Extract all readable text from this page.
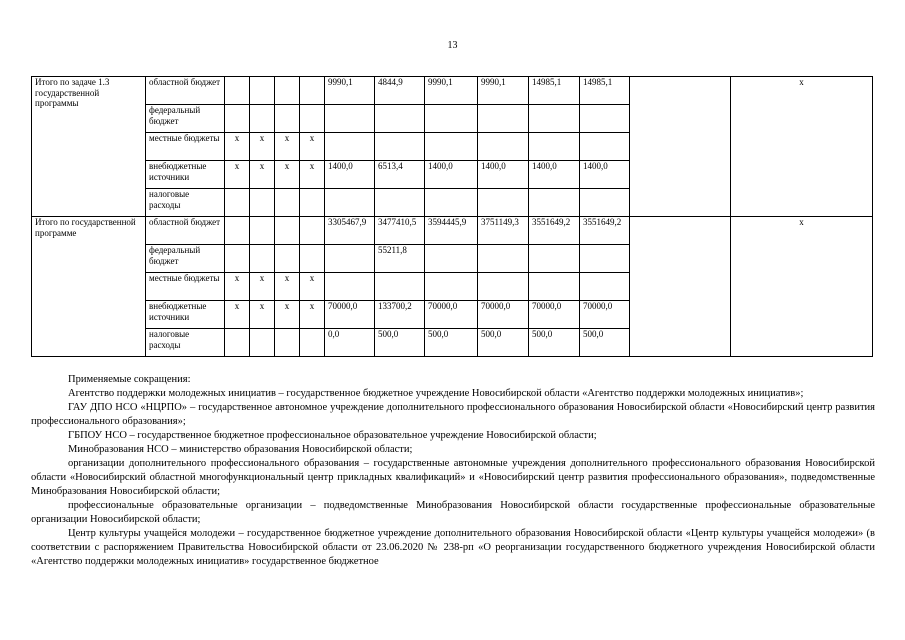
13
Итого по задаче 1.3 государственной программы	областной бюджет					9990,1	4844,9	9990,1	9990,1	14985,1	14985,1		х
	федеральный бюджет												
	местные бюджеты	х	х	х	х								
	внебюджетные источники	х	х	х	х	1400,0	6513,4	1400,0	1400,0	1400,0	1400,0		
	налоговые расходы												
Итого по государственной программе	областной бюджет					3305467,9	3477410,5	3594445,9	3751149,3	3551649,2	3551649,2		х
	федеральный бюджет						55211,8						
	местные бюджеты	х	х	х	х								
	внебюджетные источники	х	х	х	х	70000,0	133700,2	70000,0	70000,0	70000,0	70000,0		
	налоговые расходы					0,0	500,0	500,0	500,0	500,0	500,0		

Применяемые сокращения:

Агентство поддержки молодежных инициатив – государственное бюджетное учреждение Новосибирской области «Агентство поддержки молодежных инициатив»;

ГАУ ДПО НСО «НЦРПО» – государственное автономное учреждение дополнительного профессионального образования Новосибирской области «Новосибирский центр развития профессионального образования»;

ГБПОУ НСО – государственное бюджетное профессиональное образовательное учреждение Новосибирской области;

Минобразования НСО – министерство образования Новосибирской области;

организации дополнительного профессионального образования – государственные автономные учреждения дополнительного профессионального образования Новосибирской области «Новосибирский областной многофункциональный центр прикладных квалификаций» и «Новосибирский центр развития профессионального образования», подведомственные Минобразования Новосибирской области;

профессиональные образовательные организации – подведомственные Минобразования Новосибирской области государственные профессиональные образовательные организации Новосибирской области;

Центр культуры учащейся молодежи – государственное бюджетное учреждение дополнительного образования Новосибирской области «Центр культуры учащейся молодежи» (в соответствии с распоряжением Правительства Новосибирской области от 23.06.2020 № 238-рп «О реорганизации государственного бюджетного учреждения Новосибирской области «Агентство поддержки молодежных инициатив» государственное бюджетное
